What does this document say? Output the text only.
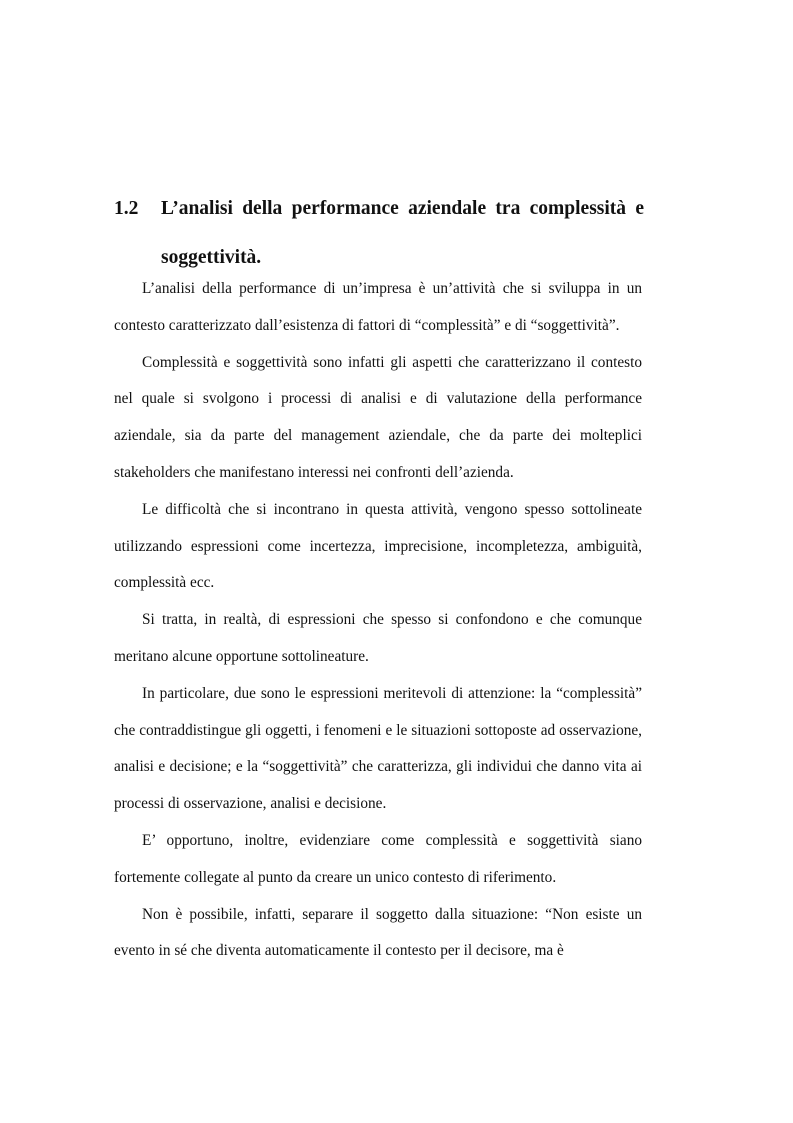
1.2 L’analisi della performance aziendale tra complessità e soggettività.

L’analisi della performance di un’impresa è un’attività che si sviluppa in un contesto caratterizzato dall’esistenza di fattori di “complessità” e di “soggettività”.

Complessità e soggettività sono infatti gli aspetti che caratterizzano il contesto nel quale si svolgono i processi di analisi e di valutazione della performance aziendale, sia da parte del management aziendale, che da parte dei molteplici stakeholders che manifestano interessi nei confronti dell’azienda.

Le difficoltà che si incontrano in questa attività, vengono spesso sottolineate utilizzando espressioni come incertezza, imprecisione, incompletezza, ambiguità, complessità ecc.

Si tratta, in realtà, di espressioni che spesso si confondono e che comunque meritano alcune opportune sottolineature.

In particolare, due sono le espressioni meritevoli di attenzione: la “complessità” che contraddistingue gli oggetti, i fenomeni e le situazioni sottoposte ad osservazione, analisi e decisione; e la “soggettività” che caratterizza, gli individui che danno vita ai processi di osservazione, analisi e decisione.

E’ opportuno, inoltre, evidenziare come complessità e soggettività siano fortemente collegate al punto da creare un unico contesto di riferimento.

Non è possibile, infatti, separare il soggetto dalla situazione: “Non esiste un evento in sé che diventa automaticamente il contesto per il decisore, ma è
